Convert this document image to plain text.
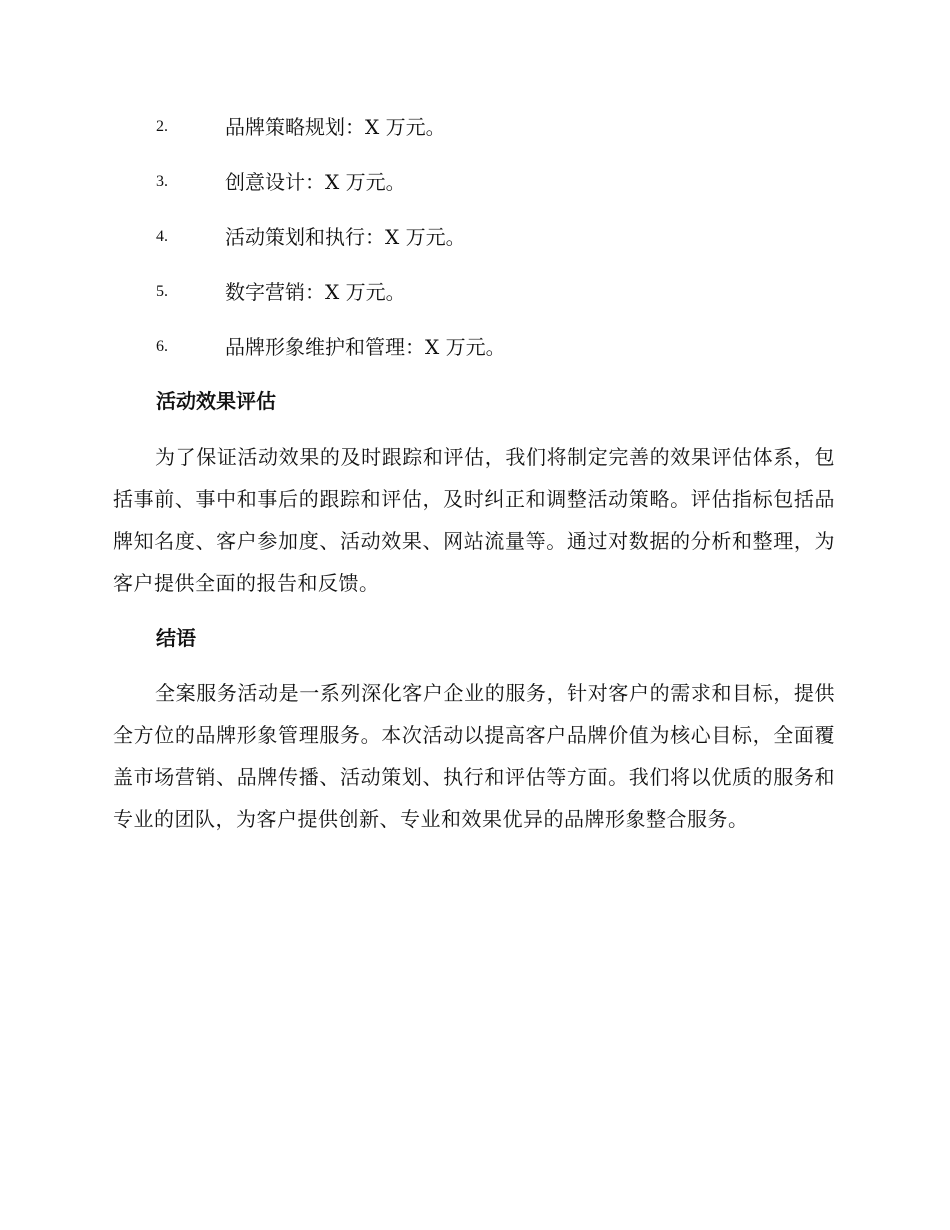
2.	品牌策略规划：X 万元。
3.	创意设计：X 万元。
4.	活动策划和执行：X 万元。
5.	数字营销：X 万元。
6.	品牌形象维护和管理：X 万元。
活动效果评估

为了保证活动效果的及时跟踪和评估，我们将制定完善的效果评估体系，包括事前、事中和事后的跟踪和评估，及时纠正和调整活动策略。评估指标包括品牌知名度、客户参加度、活动效果、网站流量等。通过对数据的分析和整理，为客户提供全面的报告和反馈。

结语

全案服务活动是一系列深化客户企业的服务，针对客户的需求和目标，提供全方位的品牌形象管理服务。本次活动以提高客户品牌价值为核心目标，全面覆盖市场营销、品牌传播、活动策划、执行和评估等方面。我们将以优质的服务和专业的团队，为客户提供创新、专业和效果优异的品牌形象整合服务。
